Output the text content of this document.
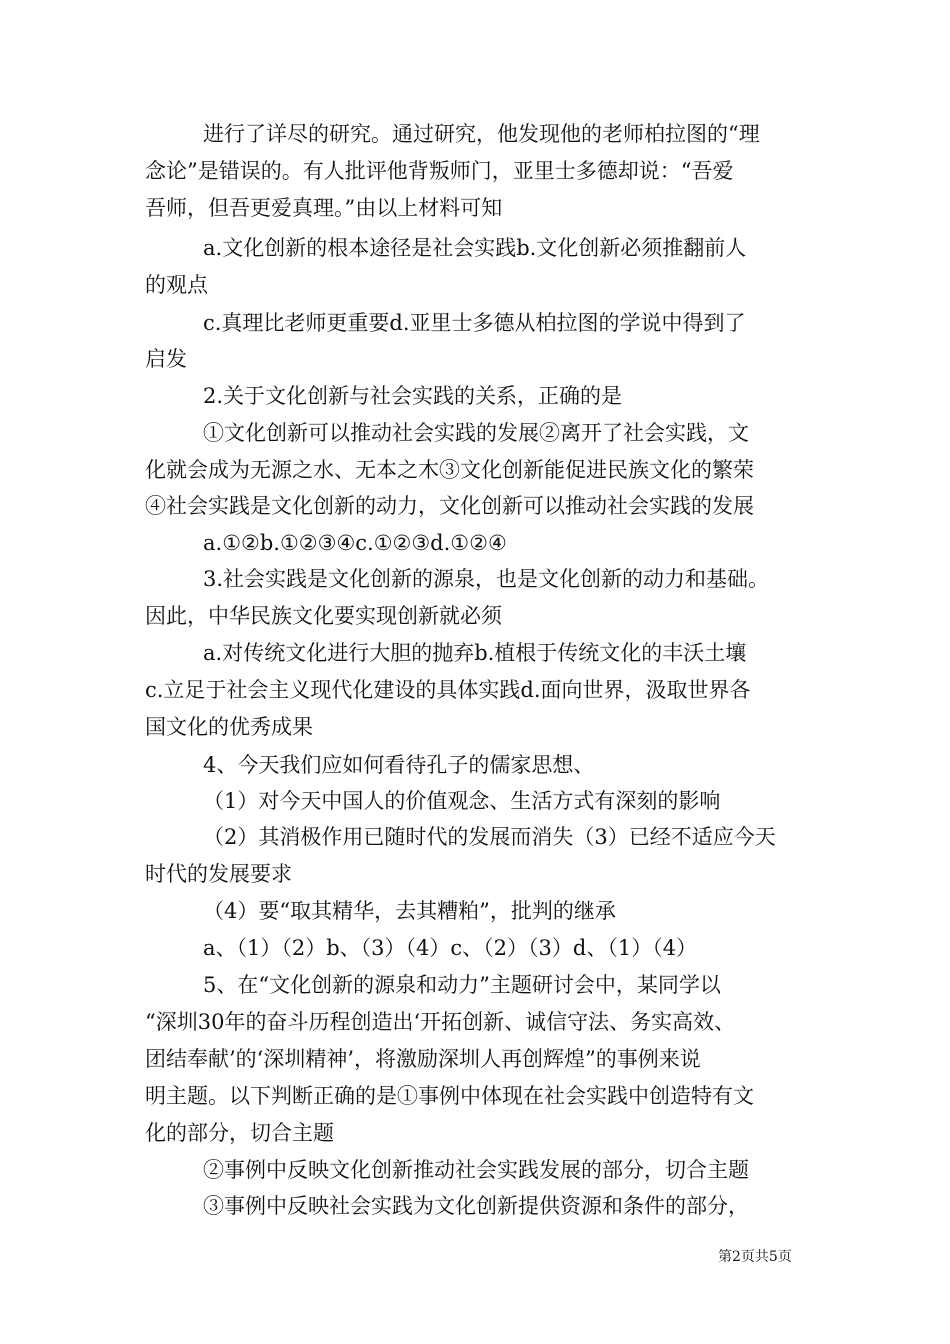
进行了详尽的研究。通过研究，他发现他的老师柏拉图的“理
念论”是错误的。有人批评他背叛师门，亚里士多德却说：“吾爱
吾师，但吾更爱真理。”由以上材料可知
a.文化创新的根本途径是社会实践b.文化创新必须推翻前人
的观点
c.真理比老师更重要d.亚里士多德从柏拉图的学说中得到了
启发
2.关于文化创新与社会实践的关系，正确的是
①文化创新可以推动社会实践的发展②离开了社会实践，文
化就会成为无源之水、无本之木③文化创新能促进民族文化的繁荣
④社会实践是文化创新的动力，文化创新可以推动社会实践的发展
a.①②b.①②③④c.①②③d.①②④
3.社会实践是文化创新的源泉，也是文化创新的动力和基础。
因此，中华民族文化要实现创新就必须
a.对传统文化进行大胆的抛弃b.植根于传统文化的丰沃土壤
c.立足于社会主义现代化建设的具体实践d.面向世界，汲取世界各
国文化的优秀成果
4、今天我们应如何看待孔子的儒家思想、
（1）对今天中国人的价值观念、生活方式有深刻的影响
（2）其消极作用已随时代的发展而消失（3）已经不适应今天
时代的发展要求
（4）要“取其精华，去其糟粕”，批判的继承
a、（1）（2）b、（3）（4）c、（2）（3）d、（1）（4）
5、在“文化创新的源泉和动力”主题研讨会中，某同学以
“深圳30年的奋斗历程创造出‘开拓创新、诚信守法、务实高效、
团结奉献’的‘深圳精神’，将激励深圳人再创辉煌”的事例来说
明主题。以下判断正确的是①事例中体现在社会实践中创造特有文
化的部分，切合主题
②事例中反映文化创新推动社会实践发展的部分，切合主题
③事例中反映社会实践为文化创新提供资源和条件的部分，
第2页共5页
